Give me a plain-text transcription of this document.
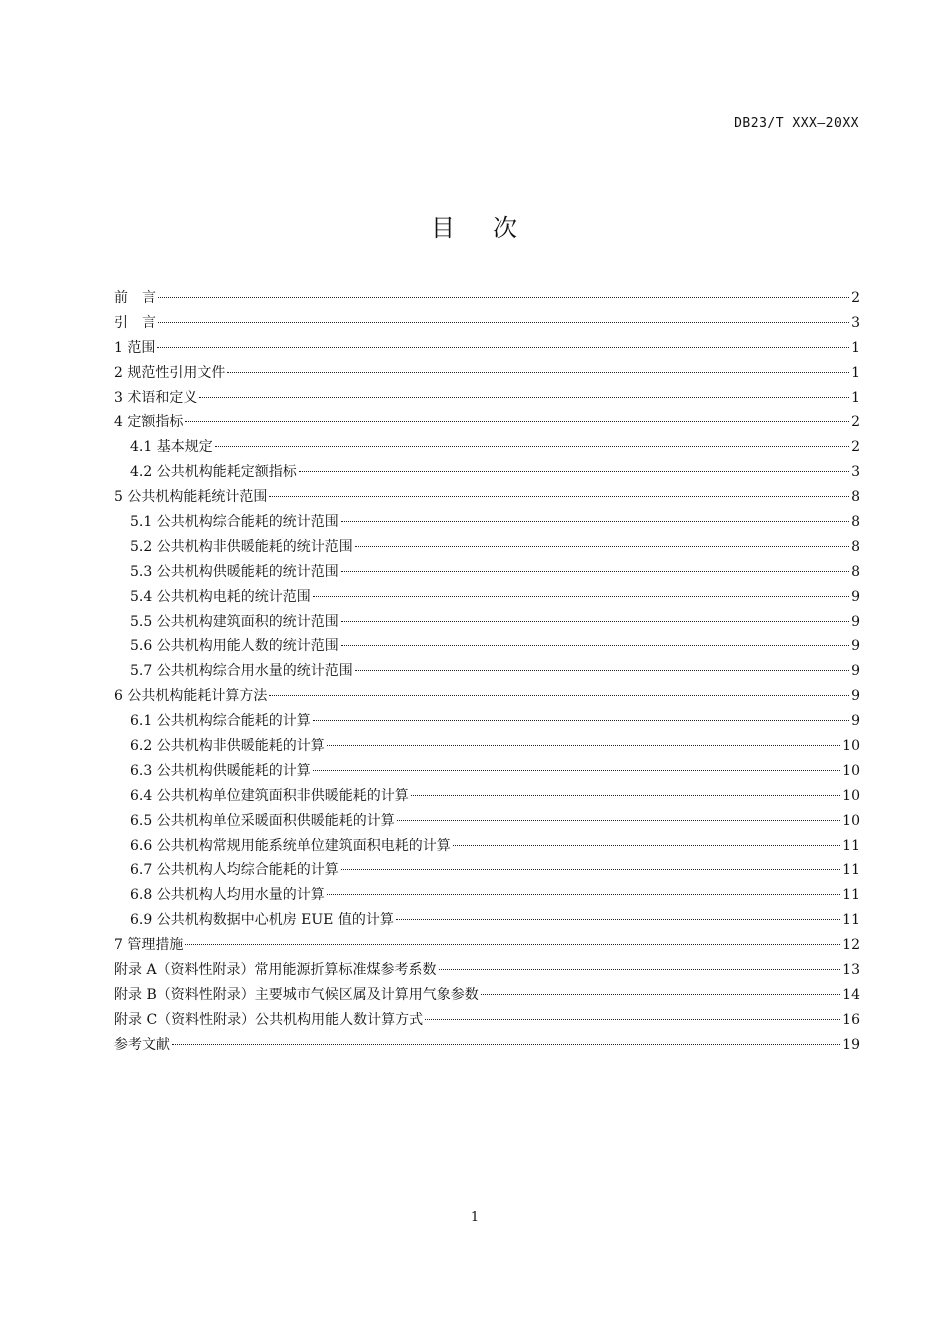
DB23/T XXX—20XX
目 次
前　言	2
引　言	3
1 范围	1
2 规范性引用文件	1
3 术语和定义	1
4 定额指标	2
4.1 基本规定	2
4.2 公共机构能耗定额指标	3
5 公共机构能耗统计范围	8
5.1 公共机构综合能耗的统计范围	8
5.2 公共机构非供暖能耗的统计范围	8
5.3 公共机构供暖能耗的统计范围	8
5.4 公共机构电耗的统计范围	9
5.5 公共机构建筑面积的统计范围	9
5.6 公共机构用能人数的统计范围	9
5.7 公共机构综合用水量的统计范围	9
6 公共机构能耗计算方法	9
6.1 公共机构综合能耗的计算	9
6.2 公共机构非供暖能耗的计算	10
6.3 公共机构供暖能耗的计算	10
6.4 公共机构单位建筑面积非供暖能耗的计算	10
6.5 公共机构单位采暖面积供暖能耗的计算	10
6.6 公共机构常规用能系统单位建筑面积电耗的计算	11
6.7 公共机构人均综合能耗的计算	11
6.8 公共机构人均用水量的计算	11
6.9 公共机构数据中心机房 EUE 值的计算	11
7 管理措施	12
附录 A（资料性附录）常用能源折算标准煤参考系数	13
附录 B（资料性附录）主要城市气候区属及计算用气象参数	14
附录 C（资料性附录）公共机构用能人数计算方式	16
参考文献	19
1
